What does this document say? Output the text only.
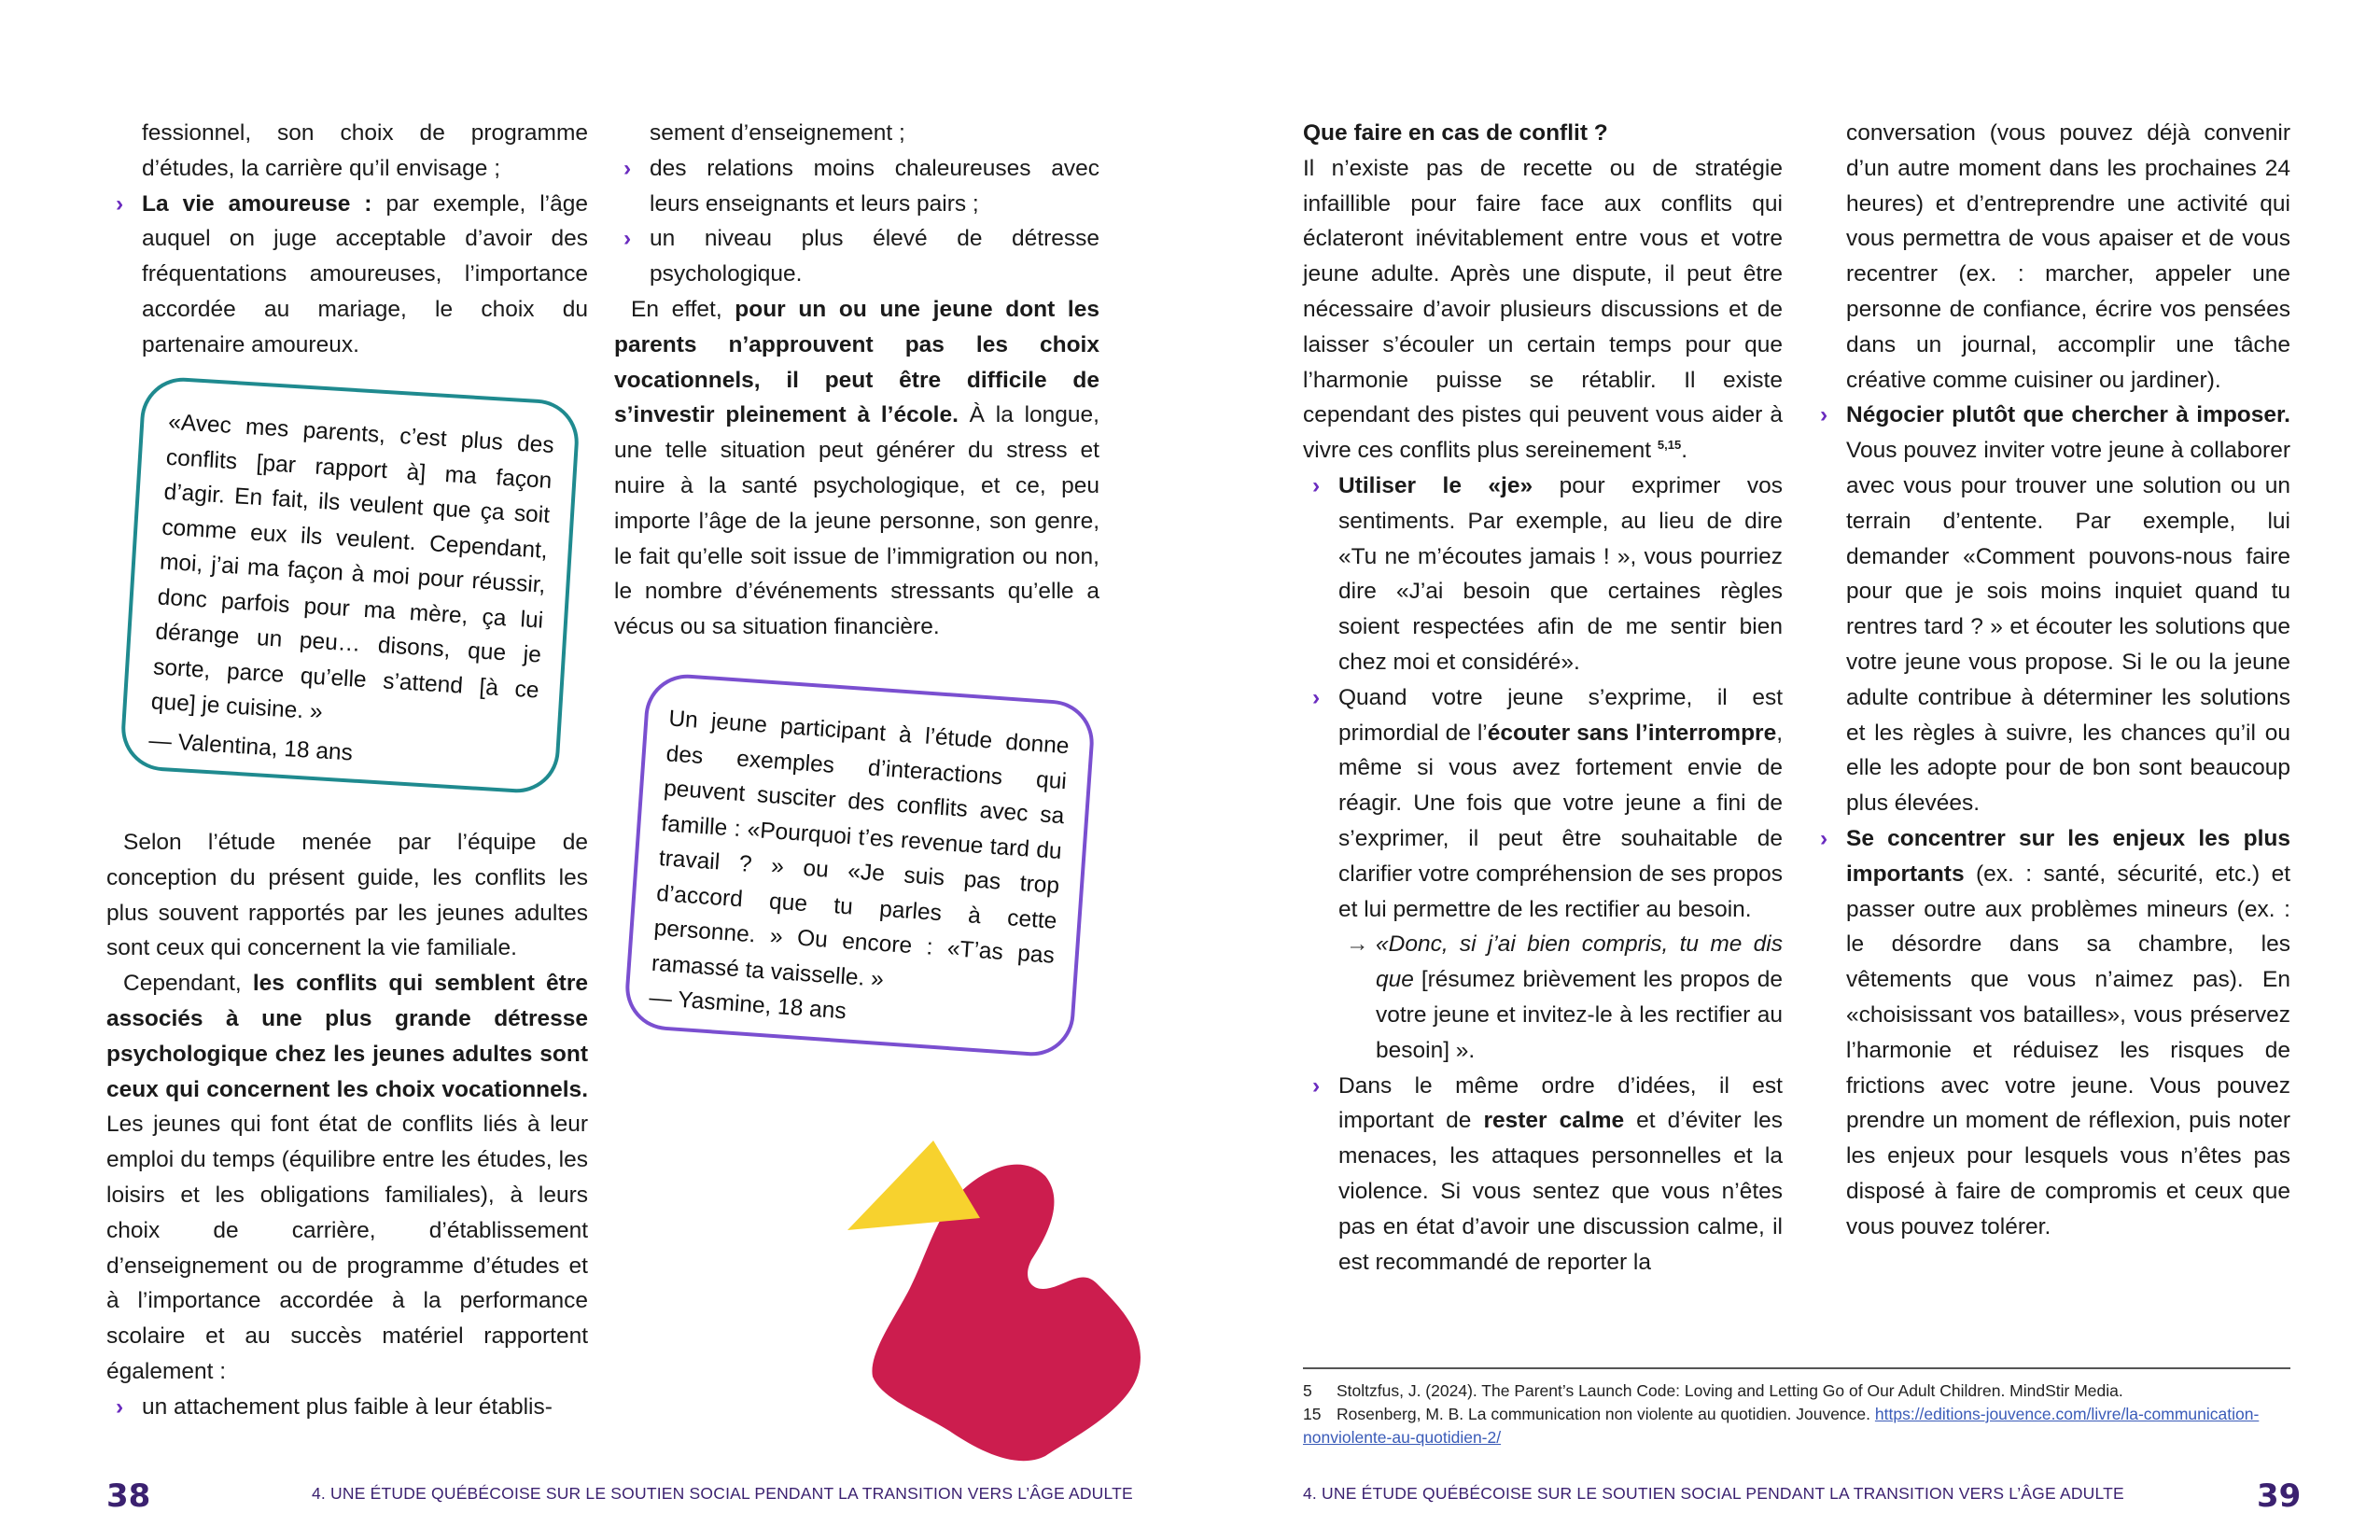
fessionnel, son choix de programme d’études, la carrière qu’il envisage ;

› La vie amoureuse : par exemple, l’âge auquel on juge acceptable d’avoir des fréquentations amoureuses, l’importance accordée au mariage, le choix du partenaire amoureux.

«Avec mes parents, c’est plus des conflits [par rapport à] ma façon d’agir. En fait, ils veulent que ça soit comme eux ils veulent. Cependant, moi, j’ai ma façon à moi pour réussir, donc parfois pour ma mère, ça lui dérange un peu… disons, que je sorte, parce qu’elle s’attend [à ce que] je cuisine. »
— Valentina, 18 ans

Selon l’étude menée par l’équipe de conception du présent guide, les conflits les plus souvent rapportés par les jeunes adultes sont ceux qui concernent la vie familiale.

Cependant, les conflits qui semblent être associés à une plus grande détresse psychologique chez les jeunes adultes sont ceux qui concernent les choix vocationnels. Les jeunes qui font état de conflits liés à leur emploi du temps (équilibre entre les études, les loisirs et les obligations familiales), à leurs choix de carrière, d’établissement d’enseignement ou de programme d’études et à l’importance accordée à la performance scolaire et au succès matériel rapportent également :

› un attachement plus faible à leur établis-

sement d’enseignement ;

› des relations moins chaleureuses avec leurs enseignants et leurs pairs ;

› un niveau plus élevé de détresse psychologique.

En effet, pour un ou une jeune dont les parents n’approuvent pas les choix vocationnels, il peut être difficile de s’investir pleinement à l’école. À la longue, une telle situation peut générer du stress et nuire à la santé psychologique, et ce, peu importe l’âge de la jeune personne, son genre, le fait qu’elle soit issue de l’immigration ou non, le nombre d’événements stressants qu’elle a vécus ou sa situation financière.

Un jeune participant à l’étude donne des exemples d’interactions qui peuvent susciter des conflits avec sa famille : «Pourquoi t’es revenue tard du travail ? » ou «Je suis pas trop d’accord que tu parles à cette personne. » Ou encore : «T’as pas ramassé ta vaisselle. »
— Yasmine, 18 ans
38	4. UNE ÉTUDE QUÉBÉCOISE SUR LE SOUTIEN SOCIAL PENDANT LA TRANSITION VERS L’ÂGE ADULTE

Que faire en cas de conflit ?

Il n’existe pas de recette ou de stratégie infaillible pour faire face aux conflits qui éclateront inévitablement entre vous et votre jeune adulte. Après une dispute, il peut être nécessaire d’avoir plusieurs discussions et de laisser s’écouler un certain temps pour que l’harmonie puisse se rétablir. Il existe cependant des pistes qui peuvent vous aider à vivre ces conflits plus sereinement $^{5,15}$.

› Utiliser le «je» pour exprimer vos sentiments. Par exemple, au lieu de dire «Tu ne m’écoutes jamais ! », vous pourriez dire «J’ai besoin que certaines règles soient respectées afin de me sentir bien chez moi et considéré».

› Quand votre jeune s’exprime, il est primordial de l’écouter sans l’interrompre, même si vous avez fortement envie de réagir. Une fois que votre jeune a fini de s’exprimer, il peut être souhaitable de clarifier votre compréhension de ses propos et lui permettre de les rectifier au besoin.

→ «Donc, si j’ai bien compris, tu me dis que [résumez brièvement les propos de votre jeune et invitez-le à les rectifier au besoin] ».

› Dans le même ordre d’idées, il est important de rester calme et d’éviter les menaces, les attaques personnelles et la violence. Si vous sentez que vous n’êtes pas en état d’avoir une discussion calme, il est recommandé de reporter la

conversation (vous pouvez déjà convenir d’un autre moment dans les prochaines 24 heures) et d’entreprendre une activité qui vous permettra de vous apaiser et de vous recentrer (ex. : marcher, appeler une personne de confiance, écrire vos pensées dans un journal, accomplir une tâche créative comme cuisiner ou jardiner).

› Négocier plutôt que chercher à imposer. Vous pouvez inviter votre jeune à collaborer avec vous pour trouver une solution ou un terrain d’entente. Par exemple, lui demander «Comment pouvons-nous faire pour que je sois moins inquiet quand tu rentres tard ? » et écouter les solutions que votre jeune vous propose. Si le ou la jeune adulte contribue à déterminer les solutions et les règles à suivre, les chances qu’il ou elle les adopte pour de bon sont beaucoup plus élevées.

› Se concentrer sur les enjeux les plus importants (ex. : santé, sécurité, etc.) et passer outre aux problèmes mineurs (ex. : le désordre dans sa chambre, les vêtements que vous n’aimez pas). En «choisissant vos batailles», vous préservez l’harmonie et réduisez les risques de frictions avec votre jeune. Vous pouvez prendre un moment de réflexion, puis noter les enjeux pour lesquels vous n’êtes pas disposé à faire de compromis et ceux que vous pouvez tolérer.

5 Stoltzfus, J. (2024). The Parent’s Launch Code: Loving and Letting Go of Our Adult Children. MindStir Media.
15 Rosenberg, M. B. La communication non violente au quotidien. Jouvence. https://editions-jouvence.com/livre/la-communication-nonviolente-au-quotidien-2/
4. UNE ÉTUDE QUÉBÉCOISE SUR LE SOUTIEN SOCIAL PENDANT LA TRANSITION VERS L’ÂGE ADULTE	39
